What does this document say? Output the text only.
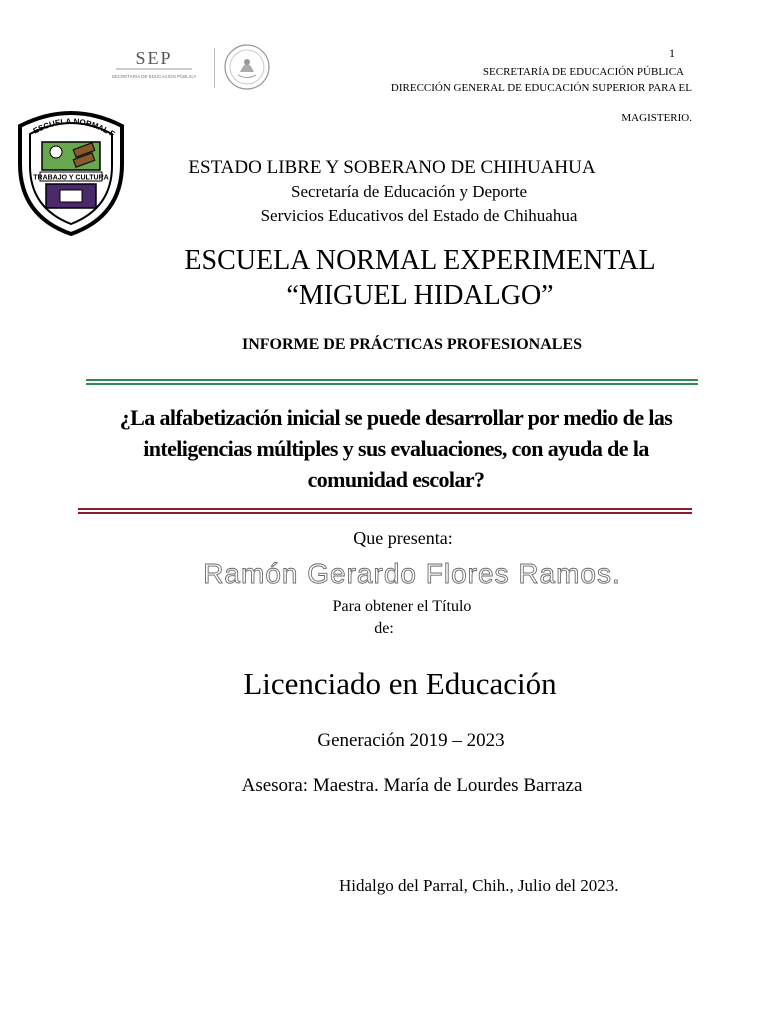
SEP
SECRETARÍA DE EDUCACIÓN PÚBLICA
1
SECRETARÍA DE EDUCACIÓN PÚBLICA
DIRECCIÓN GENERAL DE EDUCACIÓN SUPERIOR PARA EL
MAGISTERIO.
ESCUELA NORMAL F
TRABAJO Y CULTURA	ESTADO LIBRE Y SOBERANO DE CHIHUAHUA
Secretaría de Educación y Deporte
Servicios Educativos del Estado de Chihuahua
ESCUELA NORMAL EXPERIMENTAL
“MIGUEL HIDALGO”
INFORME DE PRÁCTICAS PROFESIONALES
¿La alfabetización inicial se puede desarrollar por medio de las inteligencias múltiples y sus evaluaciones, con ayuda de la comunidad escolar?
Que presenta:
Ramón Gerardo Flores Ramos.
Para obtener el Título
de:
Licenciado en Educación
Generación 2019 – 2023
Asesora: Maestra. María de Lourdes Barraza
Hidalgo del Parral, Chih., Julio del 2023.
